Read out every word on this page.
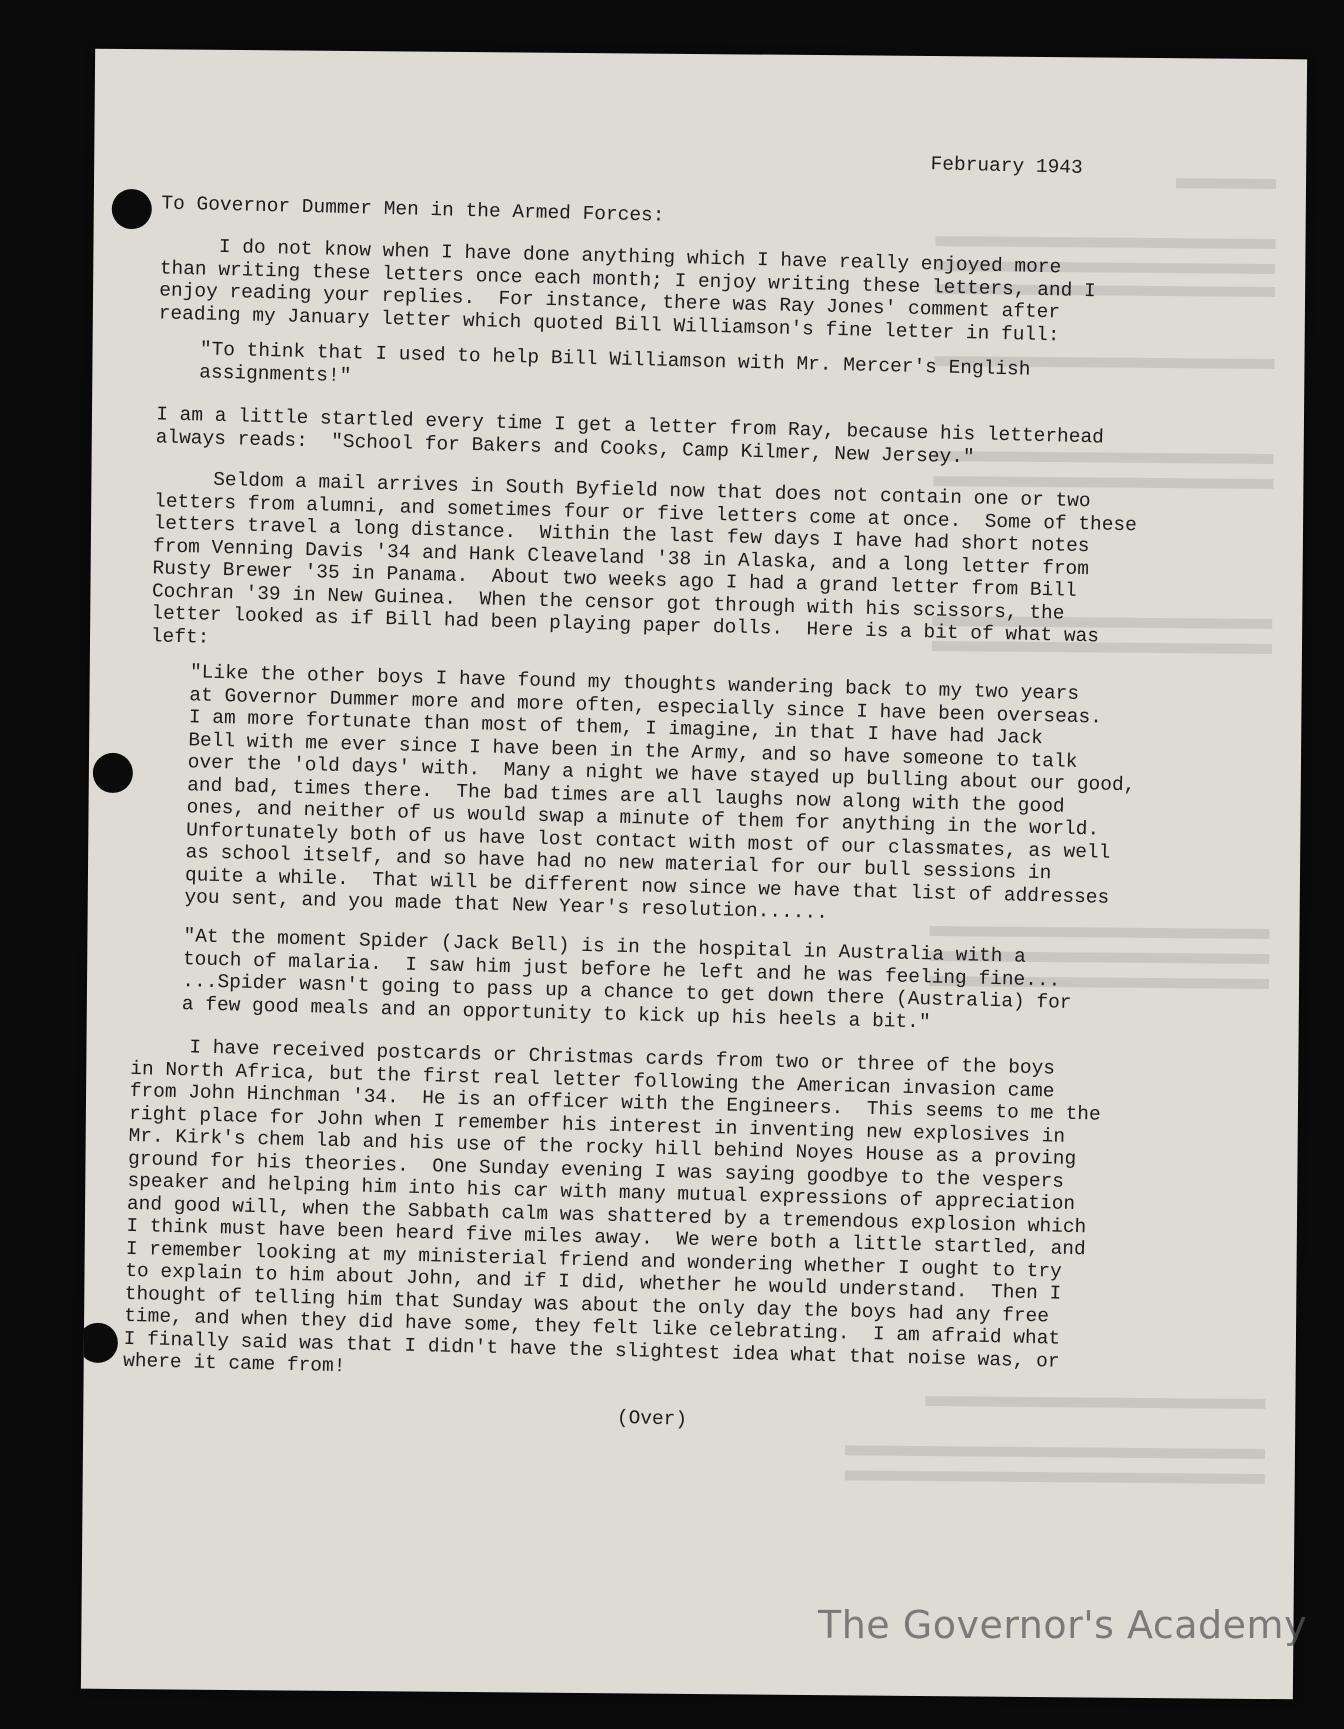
February 1943
To Governor Dummer Men in the Armed Forces:

I do not know when I have done anything which I have really enjoyed more
than writing these letters once each month; I enjoy writing these letters, and I
enjoy reading your replies.  For instance, there was Ray Jones' comment after
reading my January letter which quoted Bill Williamson's fine letter in full:

"To think that I used to help Bill Williamson with Mr. Mercer's English
assignments!"

I am a little startled every time I get a letter from Ray, because his letterhead
always reads:  "School for Bakers and Cooks, Camp Kilmer, New Jersey."

Seldom a mail arrives in South Byfield now that does not contain one or two
letters from alumni, and sometimes four or five letters come at once.  Some of these
letters travel a long distance.  Within the last few days I have had short notes
from Venning Davis '34 and Hank Cleaveland '38 in Alaska, and a long letter from
Rusty Brewer '35 in Panama.  About two weeks ago I had a grand letter from Bill
Cochran '39 in New Guinea.  When the censor got through with his scissors, the
letter looked as if Bill had been playing paper dolls.  Here is a bit of what was
left:

"Like the other boys I have found my thoughts wandering back to my two years
at Governor Dummer more and more often, especially since I have been overseas.
I am more fortunate than most of them, I imagine, in that I have had Jack
Bell with me ever since I have been in the Army, and so have someone to talk
over the 'old days' with.  Many a night we have stayed up bulling about our good,
and bad, times there.  The bad times are all laughs now along with the good
ones, and neither of us would swap a minute of them for anything in the world.
Unfortunately both of us have lost contact with most of our classmates, as well
as school itself, and so have had no new material for our bull sessions in
quite a while.  That will be different now since we have that list of addresses
you sent, and you made that New Year's resolution......

"At the moment Spider (Jack Bell) is in the hospital in Australia with a
touch of malaria.  I saw him just before he left and he was feeling fine...
...Spider wasn't going to pass up a chance to get down there (Australia) for
a few good meals and an opportunity to kick up his heels a bit."

I have received postcards or Christmas cards from two or three of the boys
in North Africa, but the first real letter following the American invasion came
from John Hinchman '34.  He is an officer with the Engineers.  This seems to me the
right place for John when I remember his interest in inventing new explosives in
Mr. Kirk's chem lab and his use of the rocky hill behind Noyes House as a proving
ground for his theories.  One Sunday evening I was saying goodbye to the vespers
speaker and helping him into his car with many mutual expressions of appreciation
and good will, when the Sabbath calm was shattered by a tremendous explosion which
I think must have been heard five miles away.  We were both a little startled, and
I remember looking at my ministerial friend and wondering whether I ought to try
to explain to him about John, and if I did, whether he would understand.  Then I
thought of telling him that Sunday was about the only day the boys had any free
time, and when they did have some, they felt like celebrating.  I am afraid what
I finally said was that I didn't have the slightest idea what that noise was, or
where it came from!

(Over)
The Governor's Academy
